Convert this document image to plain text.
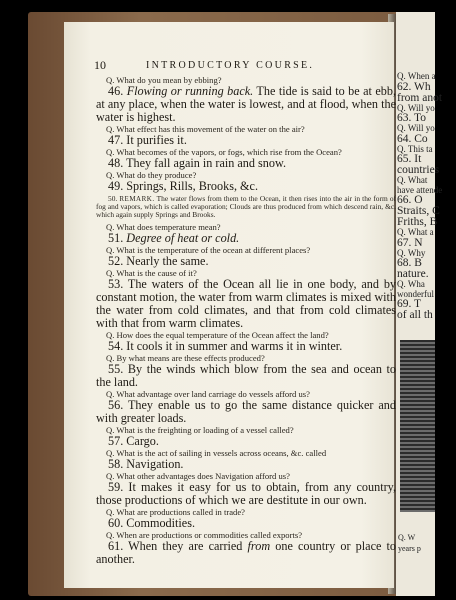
Q. When a
62. Wh
from anot
Q. Will yo
63. To
Q. Will yo
64. Co
Q. This ta
65. It
countries
Q. What
have attende
66. O
Straits, C
Friths, B
Q. What a
67. N
Q. Why
68. B
nature.
Q. Wha
wonderful
69. T
of all th
Q. W
years p
10	INTRODUCTORY COURSE.
Q. What do you mean by ebbing?
46. Flowing or running back. The tide is said to be at ebb, at any place, when the water is lowest, and at flood, when the water is highest.
Q. What effect has this movement of the water on the air?
47. It purifies it.
Q. What becomes of the vapors, or fogs, which rise from the Ocean?
48. They fall again in rain and snow.
Q. What do they produce?
49. Springs, Rills, Brooks, &c.
50. REMARK. The water flows from them to the Ocean, it then rises into the air in the form of fog and vapors, which is called evaporation; Clouds are thus produced from which descend rain, &c. which again supply Springs and Brooks.
Q. What does temperature mean?
51. Degree of heat or cold.
Q. What is the temperature of the ocean at different places?
52. Nearly the same.
Q. What is the cause of it?
53. The waters of the Ocean all lie in one body, and by constant motion, the water from warm climates is mixed with the water from cold climates, and that from cold climates with that from warm climates.
Q. How does the equal temperature of the Ocean affect the land?
54. It cools it in summer and warms it in winter.
Q. By what means are these effects produced?
55. By the winds which blow from the sea and ocean to the land.
Q. What advantage over land carriage do vessels afford us?
56. They enable us to go the same distance quicker and with greater loads.
Q. What is the freighting or loading of a vessel called?
57. Cargo.
Q. What is the act of sailing in vessels across oceans, &c. called
58. Navigation.
Q. What other advantages does Navigation afford us?
59. It makes it easy for us to obtain, from any country, those productions of which we are destitute in our own.
Q. What are productions called in trade?
60. Commodities.
Q. When are productions or commodities called exports?
61. When they are carried from one country or place to another.
